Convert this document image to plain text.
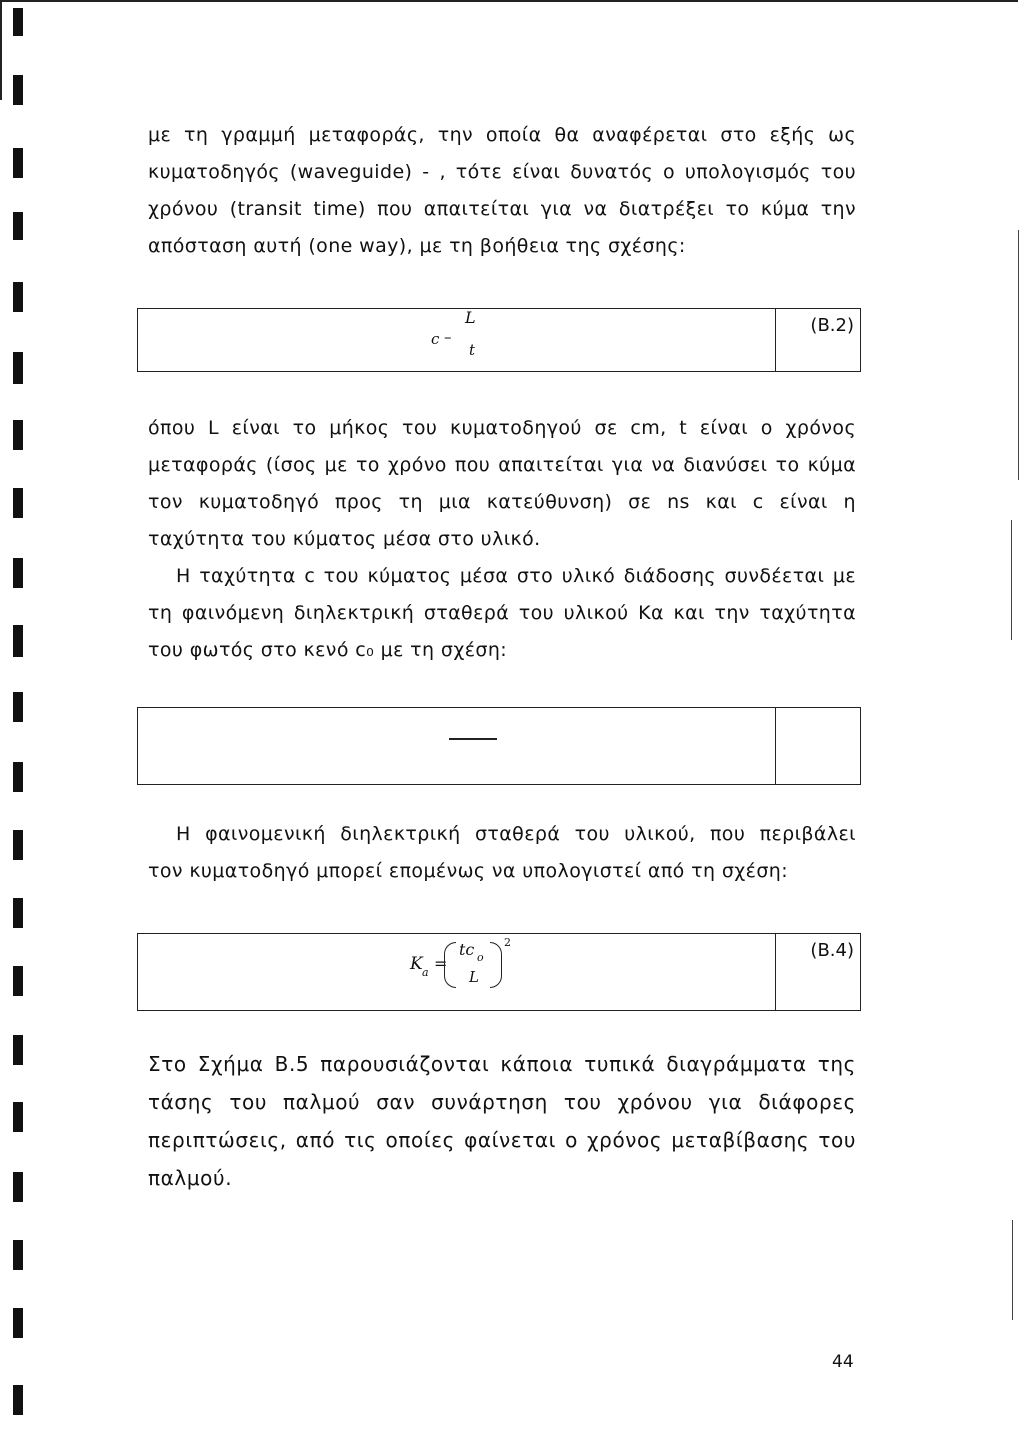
με τη γραμμή μεταφοράς, την οποία θα αναφέρεται στο εξής ως
κυματοδηγός (waveguide) - , τότε είναι δυνατός ο υπολογισμός του
χρόνου (transit time) που απαιτείται για να διατρέξει το κύμα την
απόσταση αυτή (one way), με τη βοήθεια της σχέσης:
c –
L
t
(B.2)
όπου L είναι το μήκος του κυματοδηγού σε cm, t είναι ο χρόνος
μεταφοράς (ίσος με το χρόνο που απαιτείται για να διανύσει το κύμα
τον κυματοδηγό προς τη μια κατεύθυνση) σε ns και c είναι η
ταχύτητα του κύματος μέσα στο υλικό.
Η ταχύτητα c του κύματος μέσα στο υλικό διάδοσης συνδέεται με
τη φαινόμενη διηλεκτρική σταθερά του υλικού Kα και την ταχύτητα
του φωτός στο κενό c₀ με τη σχέση:
Η φαινομενική διηλεκτρική σταθερά του υλικού, που περιβάλει
τον κυματοδηγό μπορεί επομένως να υπολογιστεί από τη σχέση:
K a =
tc o
L
2	(B.4)
Στο Σχήμα Β.5 παρουσιάζονται κάποια τυπικά διαγράμματα της
τάσης του παλμού σαν συνάρτηση του χρόνου για διάφορες
περιπτώσεις, από τις οποίες φαίνεται ο χρόνος μεταβίβασης του
παλμού.
44
